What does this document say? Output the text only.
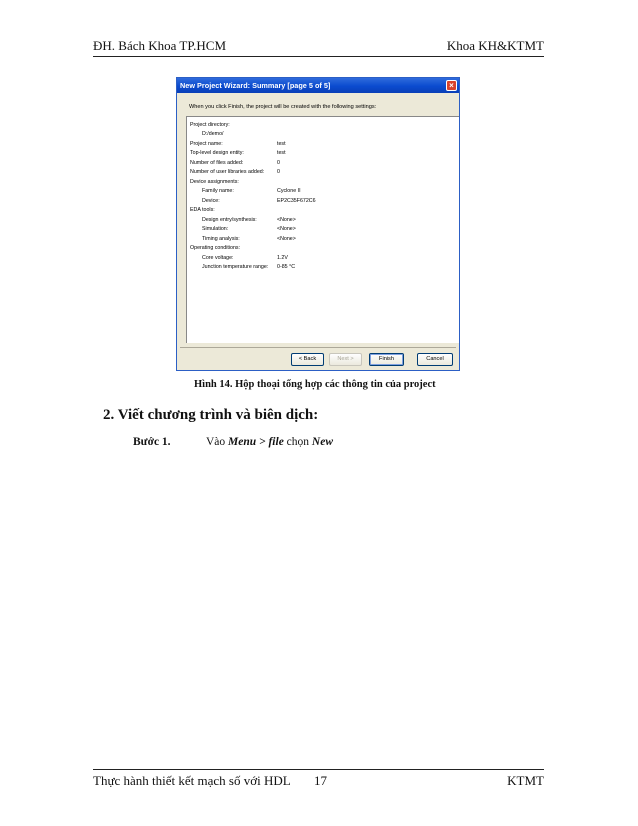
ĐH. Bách Khoa TP.HCM	Khoa KH&KTMT
New Project Wizard: Summary [page 5 of 5]	×
When you click Finish, the project will be created with the following settings:
Project directory:
D:/demo/
Project name:	test
Top-level design entity:	test
Number of files added:	0
Number of user libraries added: 0
Device assignments:
Family name:	Cyclone II
Device:	EP2C35F672C6
EDA tools:
Design entry/synthesis:	<None>
Simulation:	<None>
Timing analysis:	<None>
Operating conditions:
Core voltage:	1.2V
Junction temperature range: 0-85 °C
< Back	Next >	Finish	Cancel
Hình 14. Hộp thoại tổng hợp các thông tin của project
2. Viết chương trình và biên dịch:
Bước 1.	Vào Menu > file chọn New
Thực hành thiết kết mạch số với HDL 17	KTMT
